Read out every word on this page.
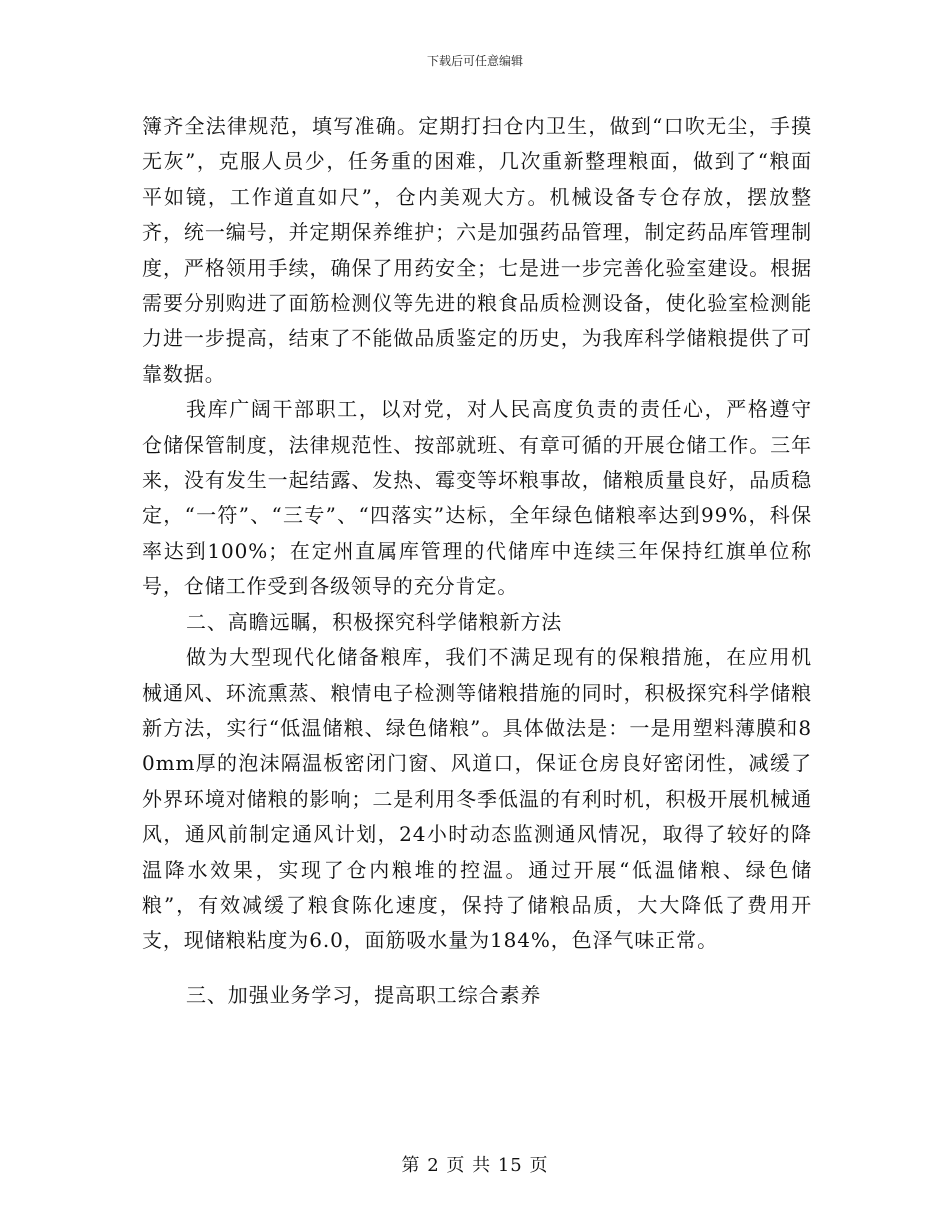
下载后可任意编辑

簿齐全法律规范，填写准确。定期打扫仓内卫生，做到“口吹无尘，手摸无灰”，克服人员少，任务重的困难，几次重新整理粮面，做到了“粮面平如镜，工作道直如尺”，仓内美观大方。机械设备专仓存放，摆放整齐，统一编号，并定期保养维护；六是加强药品管理，制定药品库管理制度，严格领用手续，确保了用药安全；七是进一步完善化验室建设。根据需要分别购进了面筋检测仪等先进的粮食品质检测设备，使化验室检测能力进一步提高，结束了不能做品质鉴定的历史，为我库科学储粮提供了可靠数据。

我库广阔干部职工，以对党，对人民高度负责的责任心，严格遵守仓储保管制度，法律规范性、按部就班、有章可循的开展仓储工作。三年来，没有发生一起结露、发热、霉变等坏粮事故，储粮质量良好，品质稳定，“一符”、“三专”、“四落实”达标，全年绿色储粮率达到99%，科保率达到100%；在定州直属库管理的代储库中连续三年保持红旗单位称号，仓储工作受到各级领导的充分肯定。

二、高瞻远瞩，积极探究科学储粮新方法

做为大型现代化储备粮库，我们不满足现有的保粮措施，在应用机械通风、环流熏蒸、粮情电子检测等储粮措施的同时，积极探究科学储粮新方法，实行“低温储粮、绿色储粮”。具体做法是：一是用塑料薄膜和80mm厚的泡沫隔温板密闭门窗、风道口，保证仓房良好密闭性，减缓了外界环境对储粮的影响；二是利用冬季低温的有利时机，积极开展机械通风，通风前制定通风计划，24小时动态监测通风情况，取得了较好的降温降水效果，实现了仓内粮堆的控温。通过开展“低温储粮、绿色储粮”，有效减缓了粮食陈化速度，保持了储粮品质，大大降低了费用开支，现储粮粘度为6.0，面筋吸水量为184%，色泽气味正常。

三、加强业务学习，提高职工综合素养

第 2 页 共 15 页
